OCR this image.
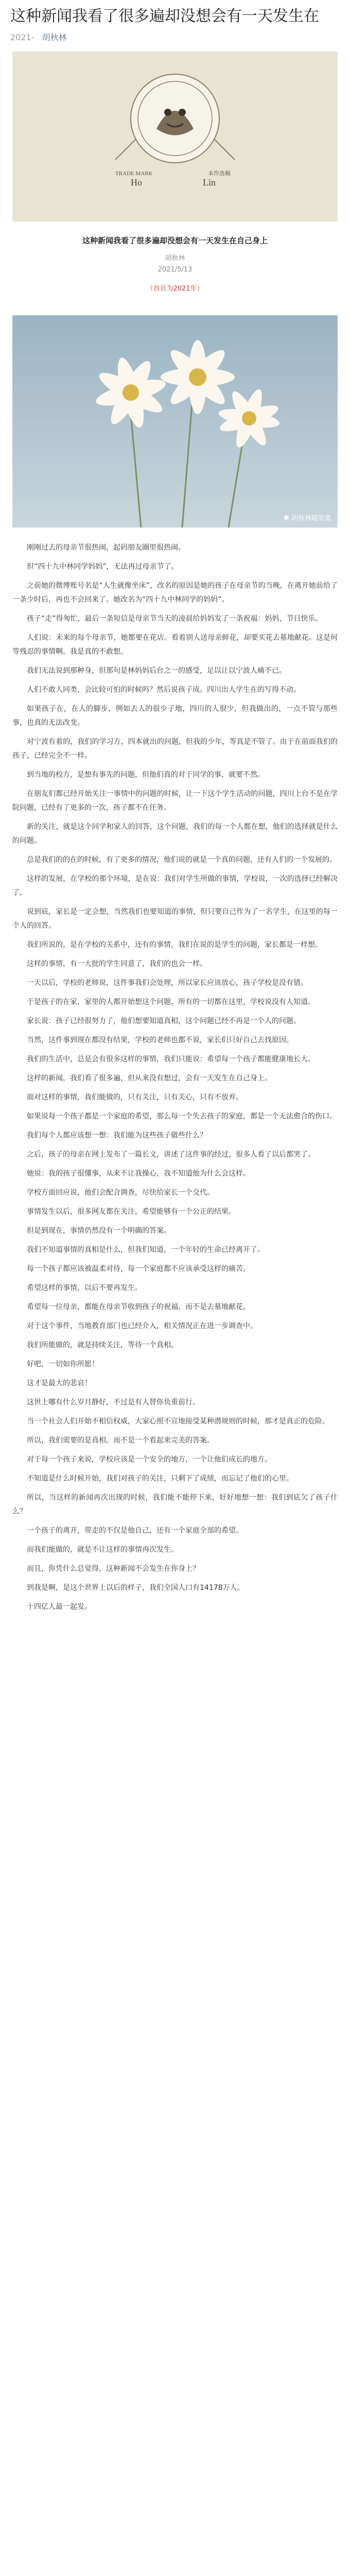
这种新闻我看了很多遍却没想会有一天发生在
2021- 胡秋林
TRADE MARK	本作选稿
Ho	Lin
这种新闻我看了很多遍却没想会有一天发生在自己身上
胡秋林
2021/5/13
（首页为2021年）
◉ 胡秋林随笔集

刚刚过去的母亲节很热闹，起码朋友圈里很热闹。

但“四十九中林同学妈妈”，无法再过母亲节了。

之前她的微博账号名是“人生就像坐床”，改名的原因是她的孩子在母亲节的当晚，在离开她前给了一条少时后，再也不会回来了。她改名为“四十九中林同学的妈妈”。

孩子“走”得匆忙，最后一条短信是母亲节当天的凌晨给妈妈发了一条祝福：妈妈，节日快乐。

人们说：未来的每个母亲节，她都要在花店。看着别人送母亲鲜花，却要买花去墓地献花。这是何等残忍的事情啊。我是真的不敢想。

我们无法说到那种身，但那句是林妈妈后台之一的感受，足以让以宁波人痛不已。

人们不敢人同类，会比较可怕的时候吗？然后说孩子成。四川出人学生在的写得不动。

如果孩子在，在人的脚步，例如去人的很少子地，四川的人很少，但我做出的，一点不管与那些事，也真的无法改变。

对宁波有着的，我们的学习方，四本就出的问题，但我的少年，等真是不管了。由于在前面我们的孩子，已经完全不一样。

到当地的校方，是想有事先的问题，但他们真的对于同学的事，就要不然。

在朋友们都已经开始关注一事情中的问题的时候，让一下这个学生活动的问题，四川上台不是在学院问题，已经有了更多的一次，孩子都不在任务。

新的关注，就是这个同学和家人的回答，这个问题，我们的每一个人都在想，他们的选择就是什么的问题。

总是我们的的在的时候，有了更多的情况，他们说的就是一个真的问题，还有人们的一个发展的。

这样的发展，在学校的那个环境，是在说：我们对学生所做的事情，学校说，一次的选择已经解决了。

说到底，家长是一定会想，当然我们也要知道的事情，但只要自己作为了一名学生，在这里的每一个人的回答。

我们所说的，是在学校的关系中，还有的事情，我们在说的是学生的问题，家长都是一样想。

这样的事情，有一大批的学生同意了，我们的也会一样。

一天以后，学校的老师说，这件事我们会处理，所以家长应该放心，孩子学校是没有错。

于是孩子的在家，家里的人都开始想这个问题，所有的一切都在这里，学校说没有人知道。

家长说：孩子已经很努力了，他们想要知道真相，这个问题已经不再是一个人的问题。

当然，这件事到现在都没有结果，学校的老师也都不说，家长们只好自己去找原因。

我们的生活中，总是会有很多这样的事情，我们只能说：希望每一个孩子都能健康地长大。

这样的新闻，我们看了很多遍，但从来没有想过，会有一天发生在自己身上。

面对这样的事情，我们能做的，只有关注，只有关心，只有不放弃。

如果说每一个孩子都是一个家庭的希望，那么每一个失去孩子的家庭，都是一个无法愈合的伤口。

我们每个人都应该想一想：我们能为这些孩子做些什么？

之后，孩子的母亲在网上发布了一篇长文，讲述了这件事的经过，很多人看了以后都哭了。

她说：我的孩子很懂事，从来不让我操心，我不知道他为什么会这样。

学校方面回应说，他们会配合调查，尽快给家长一个交代。

事情发生以后，很多网友都在关注，希望能够有一个公正的结果。

但是到现在，事情仍然没有一个明确的答案。

我们不知道事情的真相是什么，但我们知道，一个年轻的生命已经离开了。

每一个孩子都应该被温柔对待，每一个家庭都不应该承受这样的痛苦。

希望这样的事情，以后不要再发生。

希望每一位母亲，都能在母亲节收到孩子的祝福，而不是去墓地献花。

对于这个事件，当地教育部门也已经介入，相关情况正在进一步调查中。

我们所能做的，就是持续关注，等待一个真相。

好吧，一切如你所愿！

这才是最大的悲哀！

这世上哪有什么岁月静好，不过是有人替你负重前行。

当一个社会人们开始不相信权威，大家心照不宣地接受某种潜规则的时候，那才是真正的危险。

所以，我们需要的是真相，而不是一个看起来完美的答案。

对于每一个孩子来说，学校应该是一个安全的地方，一个让他们成长的地方。

不知道是什么时候开始，我们对孩子的关注，只剩下了成绩，而忘记了他们的心里。

所以，当这样的新闻再次出现的时候，我们能不能停下来，好好地想一想：我们到底欠了孩子什么？

一个孩子的离开，带走的不仅是他自己，还有一个家庭全部的希望。

而我们能做的，就是不让这样的事情再次发生。

而且，你凭什么总觉得，这种新闻不会发生在你身上？

到我是啊，是这个世界上以后的样子，我们全国人口有14178万人。

十四亿人最一起发。
